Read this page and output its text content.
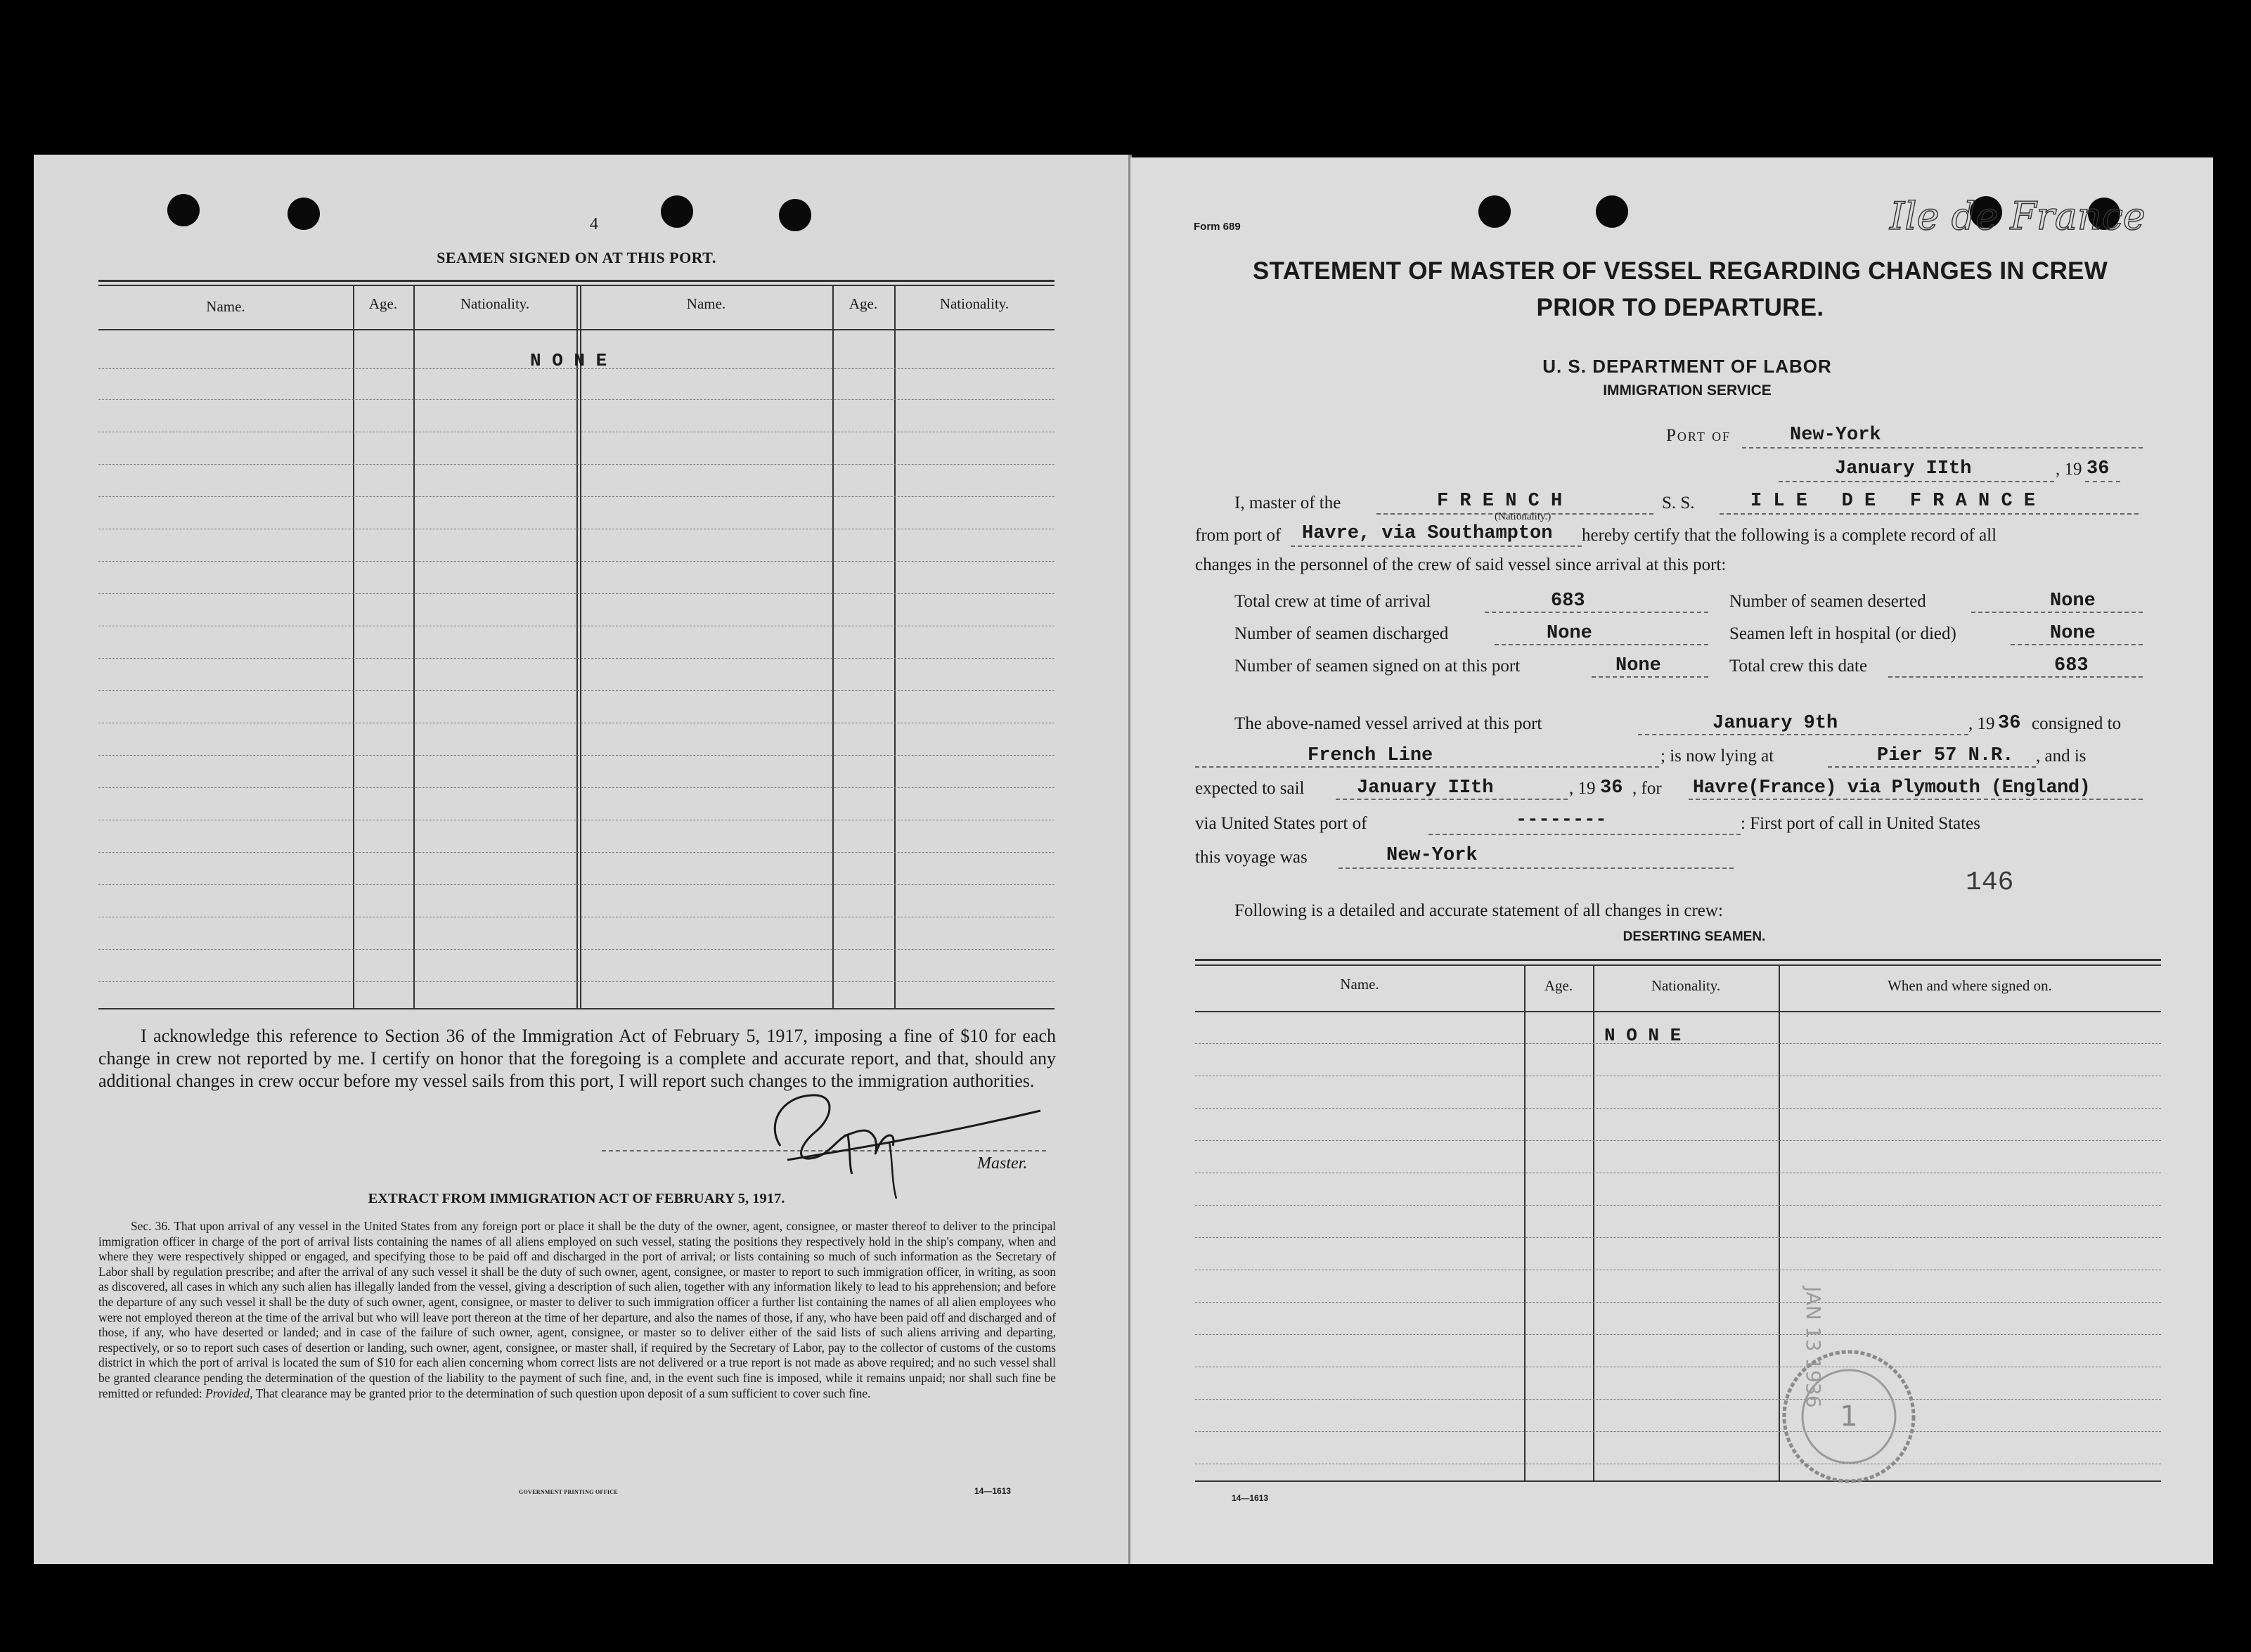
4
SEAMEN SIGNED ON AT THIS PORT.
Name.	Age.	Nationality.	Name.	Age.	Nationality.
N O N E
I acknowledge this reference to Section 36 of the Immigration Act of February 5, 1917, imposing a fine of $10 for each change in crew not reported by me. I certify on honor that the foregoing is a complete and accurate report, and that, should any additional changes in crew occur before my vessel sails from this port, I will report such changes to the immigration authorities.
Master.
EXTRACT FROM IMMIGRATION ACT OF FEBRUARY 5, 1917.
Sec. 36. That upon arrival of any vessel in the United States from any foreign port or place it shall be the duty of the owner, agent, consignee, or master thereof to deliver to the principal immigration officer in charge of the port of arrival lists containing the names of all aliens employed on such vessel, stating the positions they respectively hold in the ship's company, when and where they were respectively shipped or engaged, and specifying those to be paid off and discharged in the port of arrival; or lists containing so much of such information as the Secretary of Labor shall by regulation prescribe; and after the arrival of any such vessel it shall be the duty of such owner, agent, consignee, or master to report to such immigration officer, in writing, as soon as discovered, all cases in which any such alien has illegally landed from the vessel, giving a description of such alien, together with any information likely to lead to his apprehension; and before the departure of any such vessel it shall be the duty of such owner, agent, consignee, or master to deliver to such immigration officer a further list containing the names of all alien employees who were not employed thereon at the time of the arrival but who will leave port thereon at the time of her departure, and also the names of those, if any, who have been paid off and discharged and of those, if any, who have deserted or landed; and in case of the failure of such owner, agent, consignee, or master so to deliver either of the said lists of such aliens arriving and departing, respectively, or so to report such cases of desertion or landing, such owner, agent, consignee, or master shall, if required by the Secretary of Labor, pay to the collector of customs of the customs district in which the port of arrival is located the sum of $10 for each alien concerning whom correct lists are not delivered or a true report is not made as above required; and no such vessel shall be granted clearance pending the determination of the question of the liability to the payment of such fine, and, in the event such fine is imposed, while it remains unpaid; nor shall such fine be remitted or refunded: Provided, That clearance may be granted prior to the determination of such question upon deposit of a sum sufficient to cover such fine.
GOVERNMENT PRINTING OFFICE	14—1613
Form 689	Ile de France
STATEMENT OF MASTER OF VESSEL REGARDING CHANGES IN CREW
PRIOR TO DEPARTURE.
U. S. DEPARTMENT OF LABOR
IMMIGRATION SERVICE
Port of	New-York
January IIth	, 19 36
I, master of the	F R E N C H
(Nationality.)
S. S.	I L E   D E   F R A N C E
from port of Havre, via Southampton hereby certify that the following is a complete record of all
changes in the personnel of the crew of said vessel since arrival at this port:
Total crew at time of arrival	683	Number of seamen deserted	None
Number of seamen discharged	None	Seamen left in hospital (or died)	None
Number of seamen signed on at this port	None	Total crew this date	683
The above-named vessel arrived at this port	January 9th	, 19 36 consigned to
French Line	; is now lying at	Pier 57 N.R. , and is
expected to sail	January IIth	, 19 36 , for Havre(France) via Plymouth (England)
via United States port of	--------	: First port of call in United States
this voyage was	New-York
146
Following is a detailed and accurate statement of all changes in crew:
DESERTING SEAMEN.
Name.	Age.	Nationality.	When and where signed on.
N O N E
1
JAN 13 1936
14—1613
